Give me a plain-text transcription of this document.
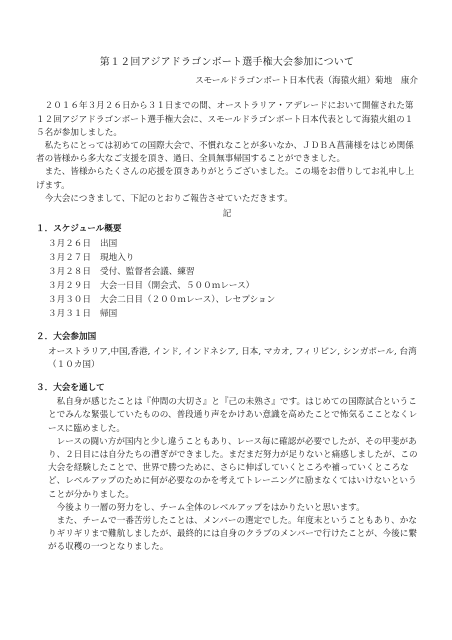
第１２回アジアドラゴンボート選手権大会参加について
スモールドラゴンボート日本代表（海猿火組）菊地　康介

２０１６年３月２６日から３１日までの間、オーストラリア・アデレードにおいて開催された第１２回アジアドラゴンボート選手権大会に、スモールドラゴンボート日本代表として海猿火組の１５名が参加しました。

私たちにとっては初めての国際大会で、不慣れなことが多いなか、ＪＤＢＡ菖蒲様をはじめ関係者の皆様から多大なご支援を頂き、過日、全員無事帰国することができました。

また、皆様からたくさんの応援を頂きありがとうございました。この場をお借りしてお礼申し上げます。

今大会につきまして、下記のとおりご報告させていただきます。

記
１．スケジュール概要
３月２６日	出国
３月２７日	現地入り
３月２８日	受付、監督者会議、練習
３月２９日	大会一日目（開会式、５００ｍレース）
３月３０日	大会二日目（２００ｍレース）、レセプション
３月３１日	帰国
２．大会参加国

オーストラリア,中国,香港, インド, インドネシア, 日本, マカオ, フィリピン, シンガポール, 台湾（１０カ国）

３．大会を通して

私自身が感じたことは『仲間の大切さ』と『己の未熟さ』です。はじめての国際試合ということでみんな緊張していたものの、普段通り声をかけあい意識を高めたことで怖気るこことなくレースに臨めました。

レースの闘い方が国内と少し違うこともあり、レース毎に確認が必要でしたが、その甲斐があり、２日目には自分たちの漕ぎができました。まだまだ努力が足りないと痛感しましたが、この大会を経験したことで、世界で勝つために、さらに伸ばしていくところや補っていくところなど、レベルアップのために何が必要なのかを考えてトレーニングに励まなくてはいけないということが分かりました。

今後より一層の努力をし、チーム全体のレベルアップをはかりたいと思います。

また、チームで一番苦労したことは、メンバーの選定でした。年度末ということもあり、かなりギリギリまで難航しましたが、最終的には自身のクラブのメンバーで行けたことが、今後に繋がる収穫の一つとなりました。
